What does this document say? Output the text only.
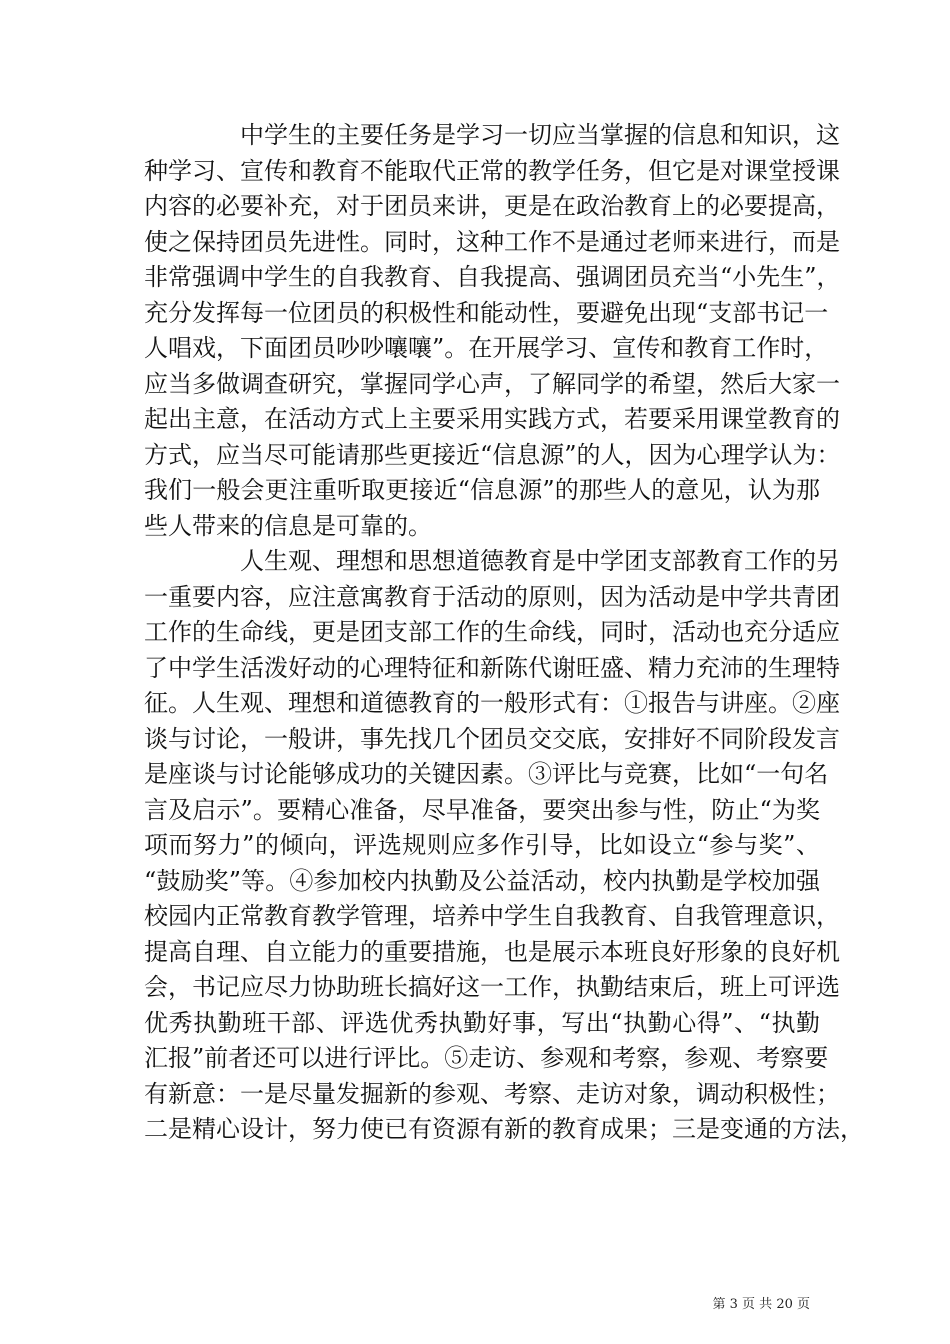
中学生的主要任务是学习一切应当掌握的信息和知识，这
种学习、宣传和教育不能取代正常的教学任务，但它是对课堂授课
内容的必要补充，对于团员来讲，更是在政治教育上的必要提高，
使之保持团员先进性。同时，这种工作不是通过老师来进行，而是
非常强调中学生的自我教育、自我提高、强调团员充当“小先生”，
充分发挥每一位团员的积极性和能动性，要避免出现“支部书记一
人唱戏，下面团员吵吵嚷嚷”。在开展学习、宣传和教育工作时，
应当多做调查研究，掌握同学心声，了解同学的希望，然后大家一
起出主意，在活动方式上主要采用实践方式，若要采用课堂教育的
方式，应当尽可能请那些更接近“信息源”的人，因为心理学认为：
我们一般会更注重听取更接近“信息源”的那些人的意见，认为那
些人带来的信息是可靠的。
人生观、理想和思想道德教育是中学团支部教育工作的另
一重要内容，应注意寓教育于活动的原则，因为活动是中学共青团
工作的生命线，更是团支部工作的生命线，同时，活动也充分适应
了中学生活泼好动的心理特征和新陈代谢旺盛、精力充沛的生理特
征。人生观、理想和道德教育的一般形式有：①报告与讲座。②座
谈与讨论，一般讲，事先找几个团员交交底，安排好不同阶段发言
是座谈与讨论能够成功的关键因素。③评比与竞赛，比如“一句名
言及启示”。要精心准备，尽早准备，要突出参与性，防止“为奖
项而努力”的倾向，评选规则应多作引导，比如设立“参与奖”、
“鼓励奖”等。④参加校内执勤及公益活动，校内执勤是学校加强
校园内正常教育教学管理，培养中学生自我教育、自我管理意识，
提高自理、自立能力的重要措施，也是展示本班良好形象的良好机
会，书记应尽力协助班长搞好这一工作，执勤结束后，班上可评选
优秀执勤班干部、评选优秀执勤好事，写出“执勤心得”、“执勤
汇报”前者还可以进行评比。⑤走访、参观和考察，参观、考察要
有新意：一是尽量发掘新的参观、考察、走访对象，调动积极性；
二是精心设计，努力使已有资源有新的教育成果；三是变通的方法，
第 3 页 共 20 页
